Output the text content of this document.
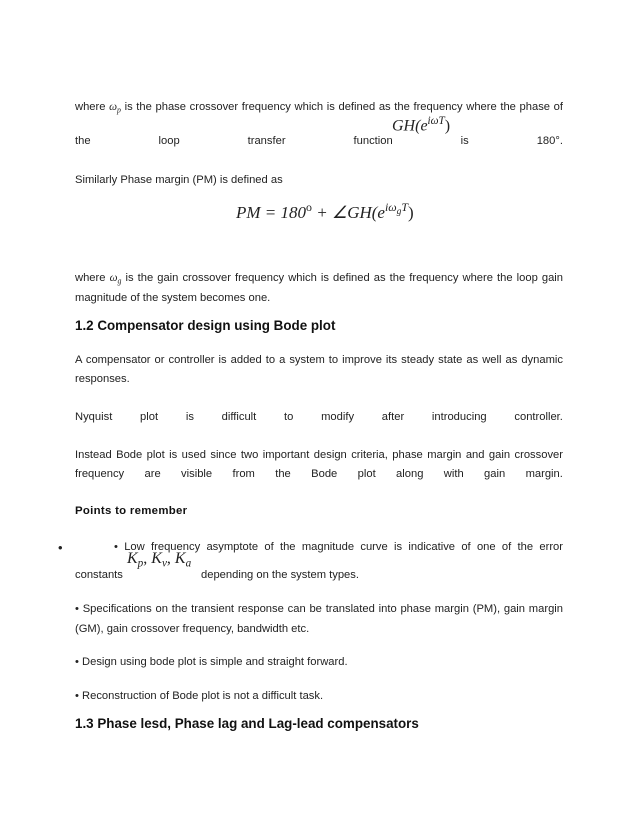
where $\omega_p$ is the phase crossover frequency which is defined as the frequency where the phase of
$GH(e^{i\omega T})$
the	loop	transfer	function	is	180°.
Similarly Phase margin (PM) is defined as
PM = $180^o$ + $\angle GH(e^{i\omega_gT})$
where $\omega_g$ is the gain crossover frequency which is defined as the frequency where the loop gain
magnitude of the system becomes one.
1.2 Compensator design using Bode plot
A compensator or controller is added to a system to improve its steady state as well as dynamic
responses.
Nyquist plot is difficult to modify after introducing controller.
Instead Bode plot is used since two important design criteria, phase margin and gain crossover
frequency are visible from the Bode plot along with gain margin.
Points to remember
•	• Low frequency asymptote of the magnitude curve is indicative of one of the error
$K_p$, $K_v$, $K_a$
constants	depending on the system types.
• Specifications on the transient response can be translated into phase margin (PM), gain margin
(GM), gain crossover frequency, bandwidth etc.
• Design using bode plot is simple and straight forward.
• Reconstruction of Bode plot is not a difficult task.
1.3 Phase lesd, Phase lag and Lag-lead compensators
